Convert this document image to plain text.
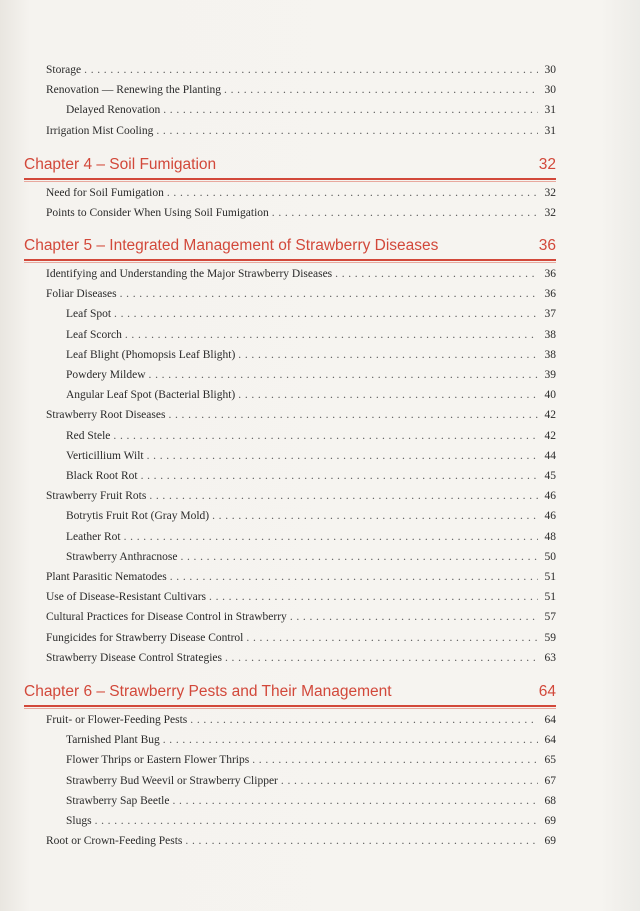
Storage . . .	30
Renovation — Renewing the Planting . . .	30
Delayed Renovation . . .	31
Irrigation Mist Cooling . . .	31
Chapter 4 – Soil Fumigation	32
Need for Soil Fumigation . . .	32
Points to Consider When Using Soil Fumigation . . .	32
Chapter 5 – Integrated Management of Strawberry Diseases	36
Identifying and Understanding the Major Strawberry Diseases . . .	36
Foliar Diseases . . .	36
Leaf Spot . . .	37
Leaf Scorch . . .	38
Leaf Blight (Phomopsis Leaf Blight) . . .	38
Powdery Mildew . . .	39
Angular Leaf Spot (Bacterial Blight) . . .	40
Strawberry Root Diseases . . .	42
Red Stele . . .	42
Verticillium Wilt . . .	44
Black Root Rot . . .	45
Strawberry Fruit Rots . . .	46
Botrytis Fruit Rot (Gray Mold) . . .	46
Leather Rot . . .	48
Strawberry Anthracnose . . .	50
Plant Parasitic Nematodes . . .	51
Use of Disease-Resistant Cultivars . . .	51
Cultural Practices for Disease Control in Strawberry . . .	57
Fungicides for Strawberry Disease Control . . .	59
Strawberry Disease Control Strategies . . .	63
Chapter 6 – Strawberry Pests and Their Management	64
Fruit- or Flower-Feeding Pests . . .	64
Tarnished Plant Bug . . .	64
Flower Thrips or Eastern Flower Thrips . . .	65
Strawberry Bud Weevil or Strawberry Clipper . . .	67
Strawberry Sap Beetle . . .	68
Slugs . . .	69
Root or Crown-Feeding Pests . . .	69
